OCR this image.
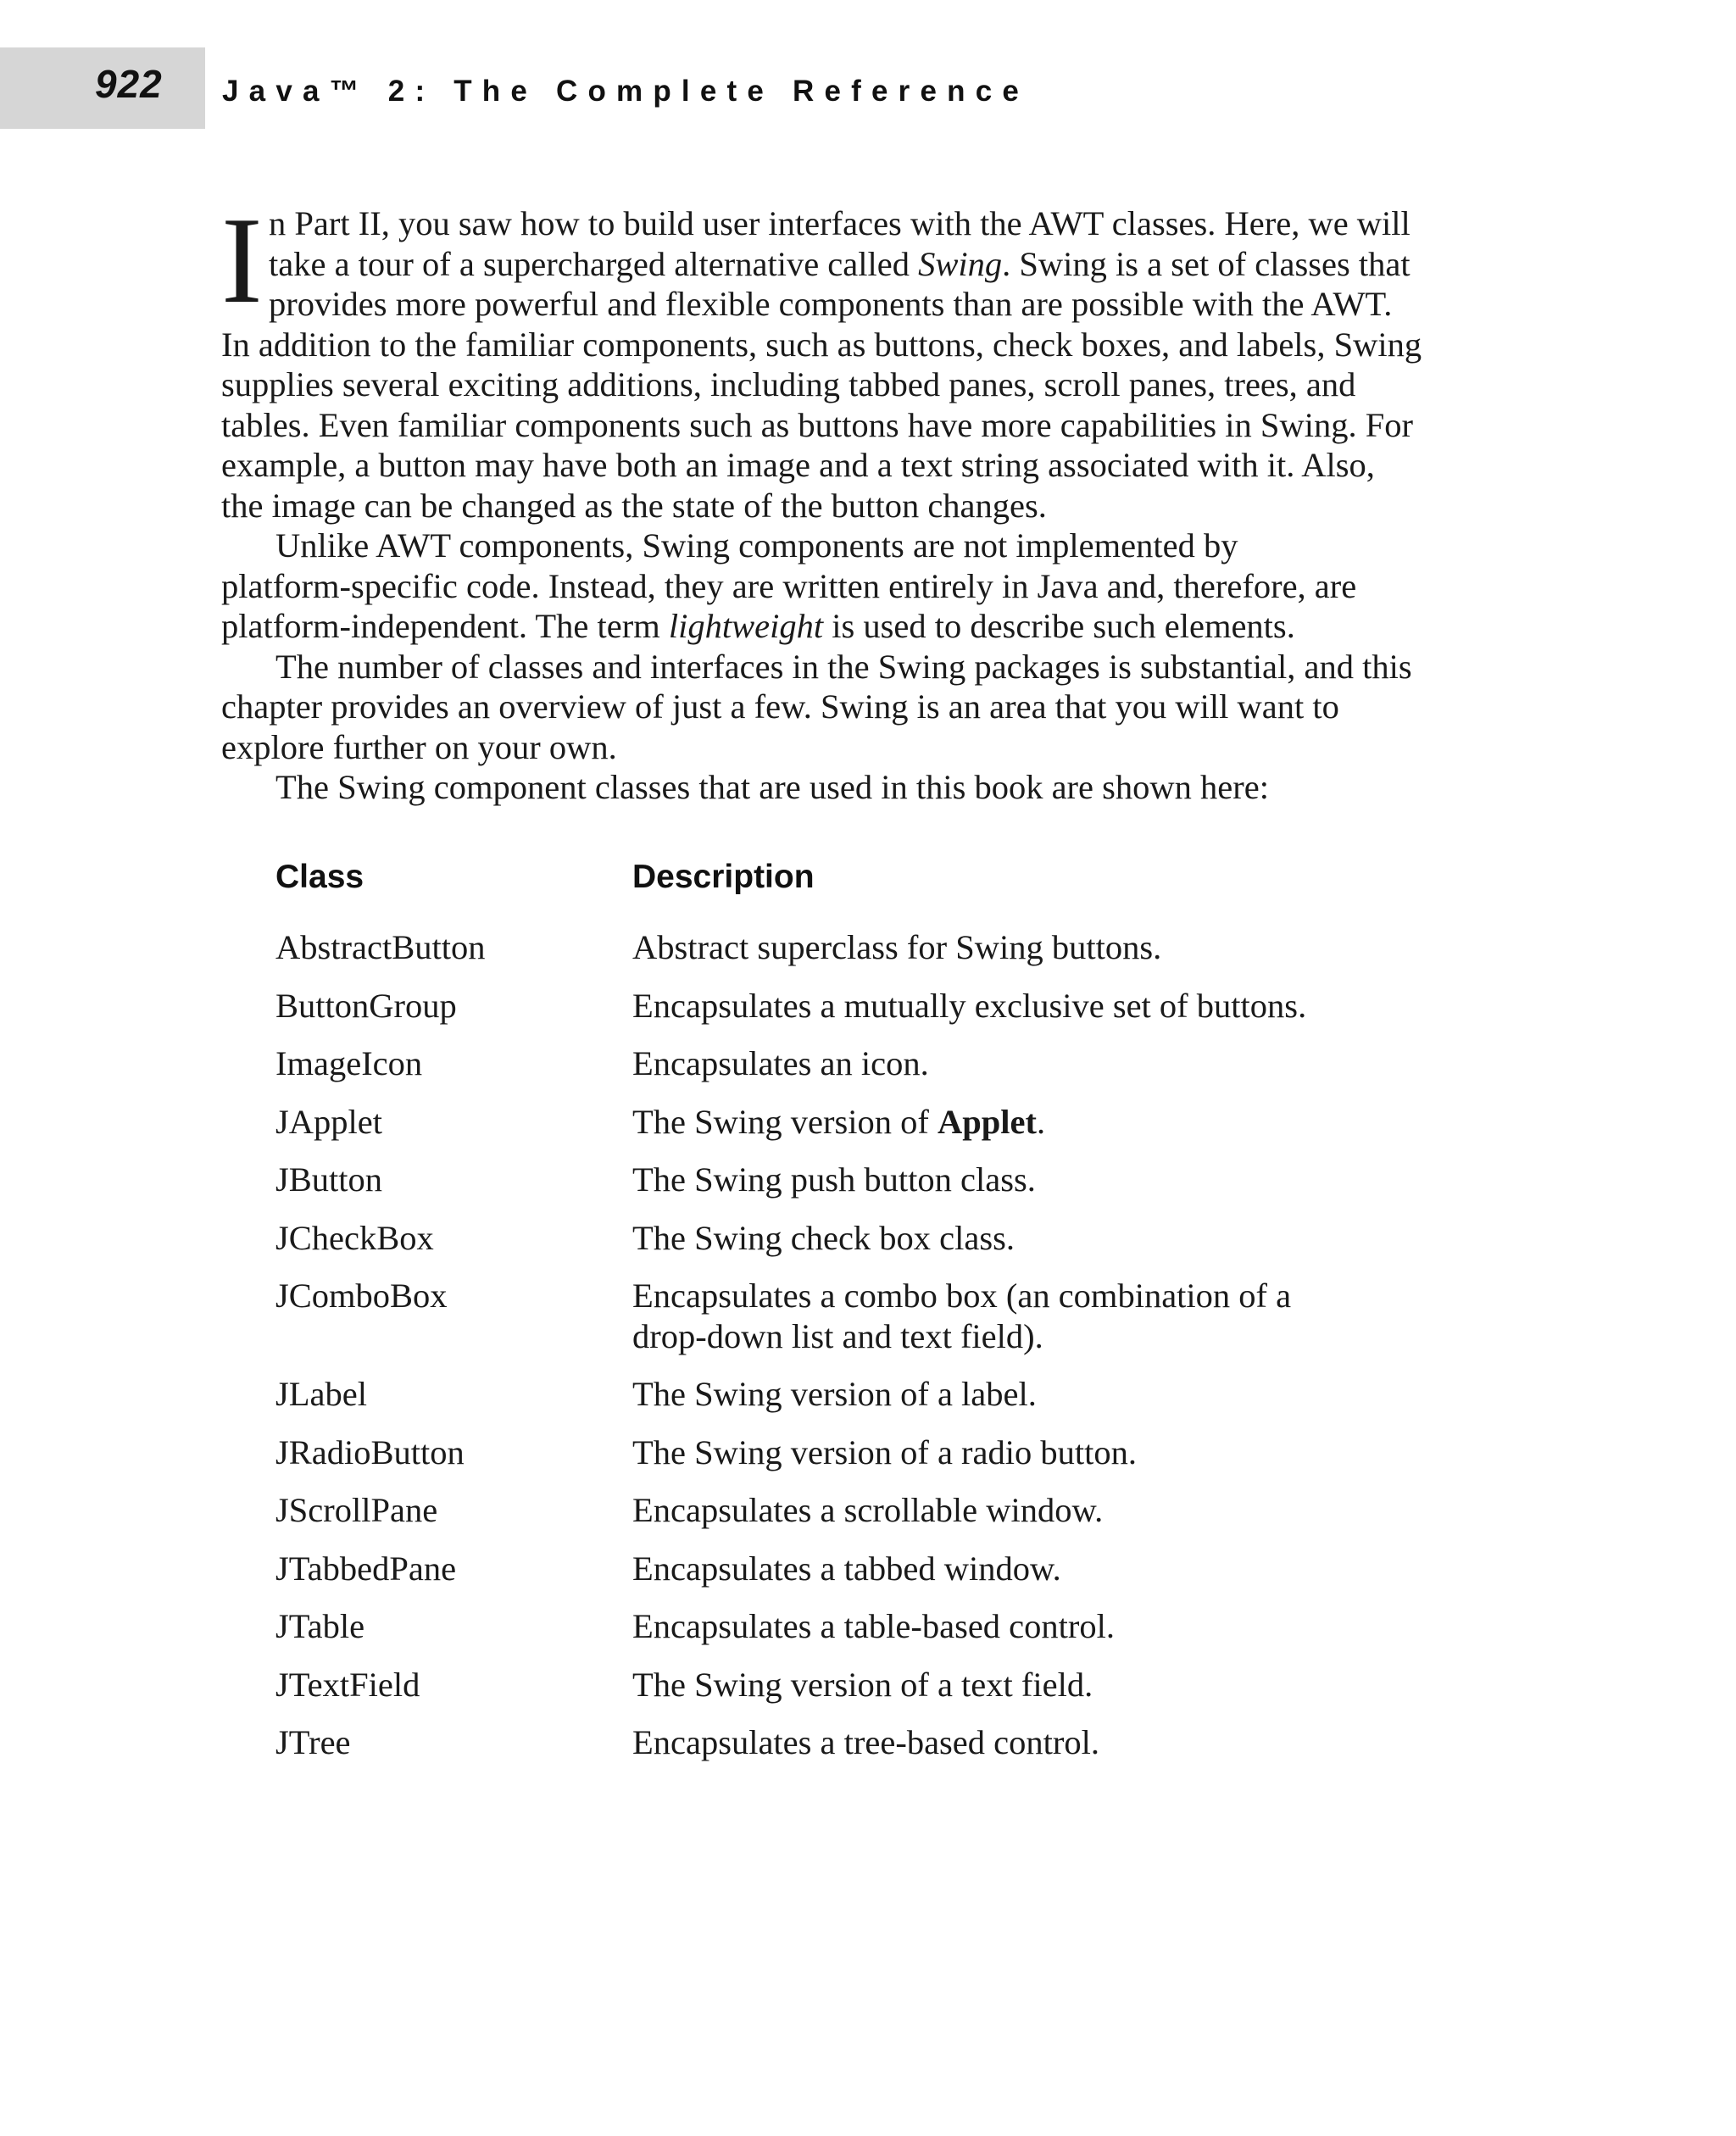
922 Java™ 2: The Complete Reference
I n Part II, you saw how to build user interfaces with the AWT classes. Here, we will
take a tour of a supercharged alternative called Swing. Swing is a set of classes that
provides more powerful and flexible components than are possible with the AWT.
In addition to the familiar components, such as buttons, check boxes, and labels, Swing
supplies several exciting additions, including tabbed panes, scroll panes, trees, and
tables. Even familiar components such as buttons have more capabilities in Swing. For
example, a button may have both an image and a text string associated with it. Also,
the image can be changed as the state of the button changes.
Unlike AWT components, Swing components are not implemented by
platform-specific code. Instead, they are written entirely in Java and, therefore, are
platform-independent. The term lightweight is used to describe such elements.
The number of classes and interfaces in the Swing packages is substantial, and this
chapter provides an overview of just a few. Swing is an area that you will want to
explore further on your own.
The Swing component classes that are used in this book are shown here:
Class	Description
AbstractButton	Abstract superclass for Swing buttons.
ButtonGroup	Encapsulates a mutually exclusive set of buttons.
ImageIcon	Encapsulates an icon.
JApplet	The Swing version of Applet.
JButton	The Swing push button class.
JCheckBox	The Swing check box class.
JComboBox	Encapsulates a combo box (an combination of a
drop-down list and text field).
JLabel	The Swing version of a label.
JRadioButton	The Swing version of a radio button.
JScrollPane	Encapsulates a scrollable window.
JTabbedPane	Encapsulates a tabbed window.
JTable	Encapsulates a table-based control.
JTextField	The Swing version of a text field.
JTree	Encapsulates a tree-based control.
